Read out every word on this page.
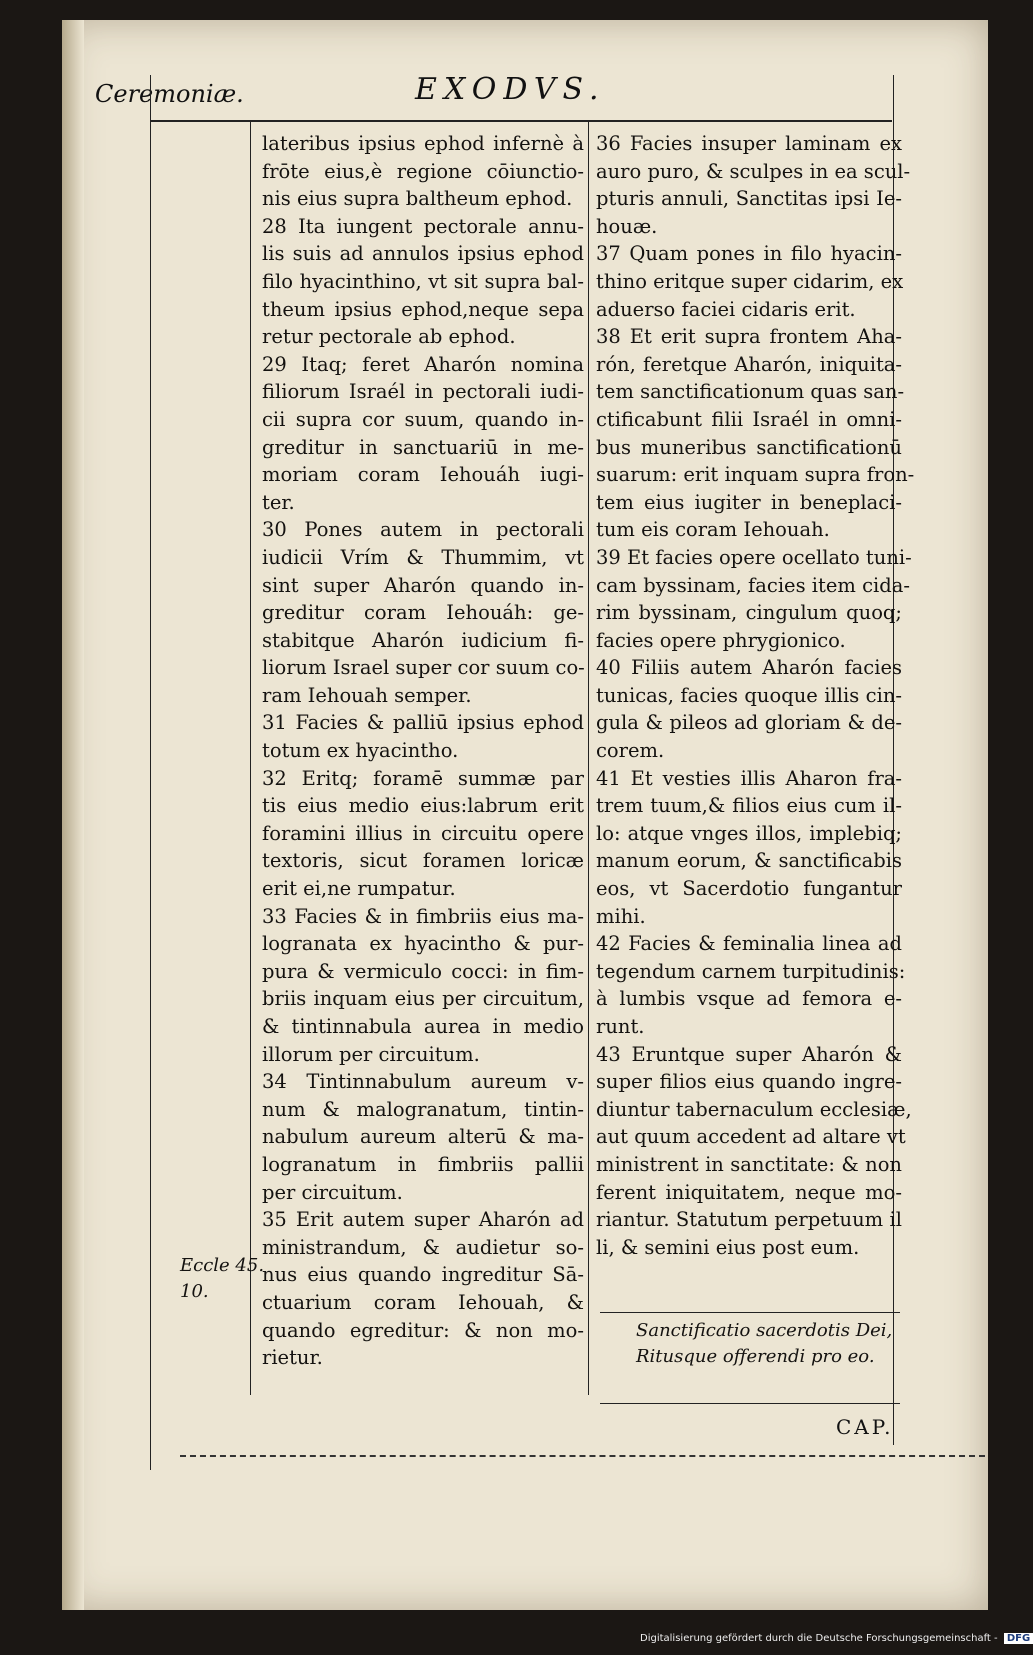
Ceremoniæ.	EXODVS.
Eccle 45.
10.

lateribus ipsius ephod infernè à

frōte eius,è regione cōiunctio-

nis eius supra baltheum ephod.

28 Ita iungent pectorale annu-

lis suis ad annulos ipsius ephod

filo hyacinthino, vt sit supra bal-

theum ipsius ephod,neque sepa

retur pectorale ab ephod.

29 Itaq; feret Aharón nomina

filiorum Israél in pectorali iudi-

cii supra cor suum, quando in-

greditur in sanctuariū in me-

moriam coram Iehouáh iugi-

ter.

30 Pones autem in pectorali

iudicii Vrím & Thummim, vt

sint super Aharón quando in-

greditur coram Iehouáh: ge-

stabitque Aharón iudicium fi-

liorum Israel super cor suum co-

ram Iehouah semper.

31 Facies & palliū ipsius ephod

totum ex hyacintho.

32 Eritq; foramē summæ par

tis eius medio eius:labrum erit

foramini illius in circuitu opere

textoris, sicut foramen loricæ

erit ei,ne rumpatur.

33 Facies & in fimbriis eius ma-

logranata ex hyacintho & pur-

pura & vermiculo cocci: in fim-

briis inquam eius per circuitum,

& tintinnabula aurea in medio

illorum per circuitum.

34 Tintinnabulum aureum v-

num & malogranatum, tintin-

nabulum aureum alterū & ma-

logranatum in fimbriis pallii

per circuitum.

35 Erit autem super Aharón ad

ministrandum, & audietur so-

nus eius quando ingreditur Sā-

ctuarium coram Iehouah, &

quando egreditur: & non mo-

rietur.

36 Facies insuper laminam ex

auro puro, & sculpes in ea scul-

pturis annuli, Sanctitas ipsi Ie-

houæ.

37 Quam pones in filo hyacin-

thino eritque super cidarim, ex

aduerso faciei cidaris erit.

38 Et erit supra frontem Aha-

rón, feretque Aharón, iniquita-

tem sanctificationum quas san-

ctificabunt filii Israél in omni-

bus muneribus sanctificationū

suarum: erit inquam supra fron-

tem eius iugiter in beneplaci-

tum eis coram Iehouah.

39 Et facies opere ocellato tuni-

cam byssinam, facies item cida-

rim byssinam, cingulum quoq;

facies opere phrygionico.

40 Filiis autem Aharón facies

tunicas, facies quoque illis cin-

gula & pileos ad gloriam & de-

corem.

41 Et vesties illis Aharon fra-

trem tuum,& filios eius cum il-

lo: atque vnges illos, implebiq;

manum eorum, & sanctificabis

eos, vt Sacerdotio fungantur

mihi.

42 Facies & feminalia linea ad

tegendum carnem turpitudinis:

à lumbis vsque ad femora e-

runt.

43 Eruntque super Aharón &

super filios eius quando ingre-

diuntur tabernaculum ecclesiæ,

aut quum accedent ad altare vt

ministrent in sanctitate: & non

ferent iniquitatem, neque mo-

riantur. Statutum perpetuum il

li, & semini eius post eum.

Sanctificatio sacerdotis Dei, Ritusque offerendi pro eo.

CAP.
Digitalisierung gefördert durch die Deutsche Forschungsgemeinschaft - DFG
